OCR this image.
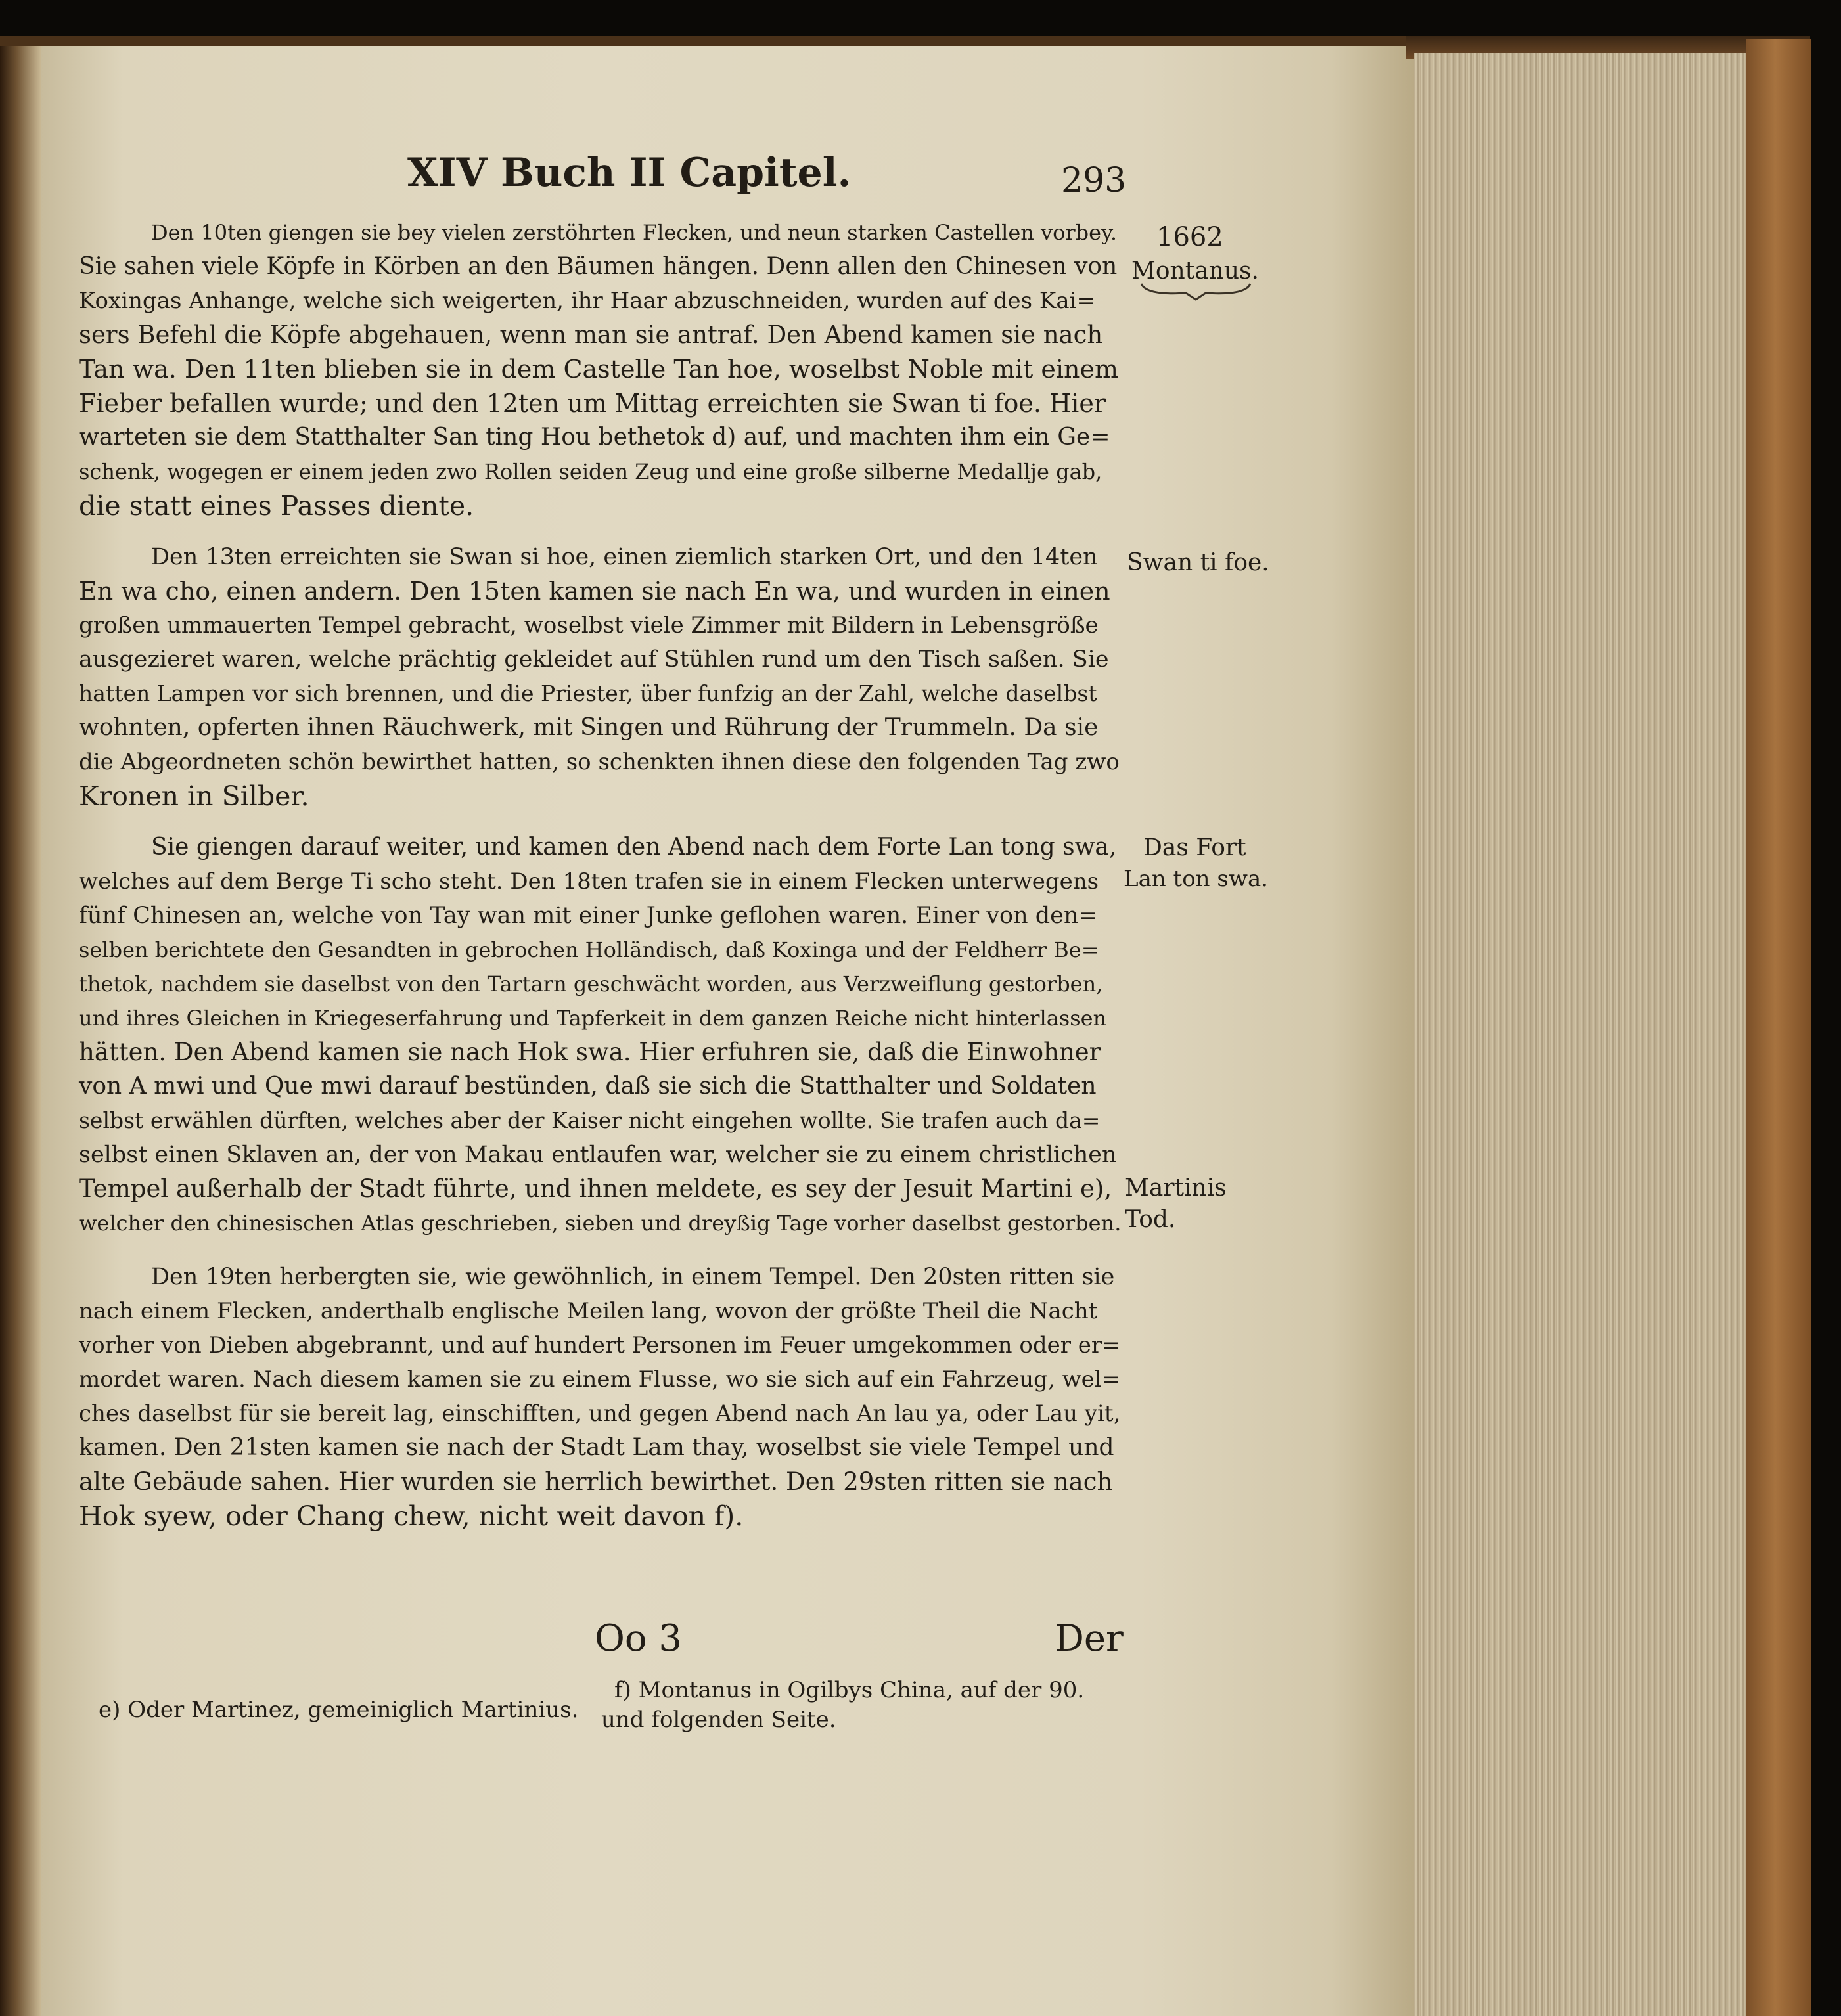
XIV Buch II Capitel.	293
Den 10ten giengen sie bey vielen zerstöhrten Flecken, und neun starken Castellen vorbey.
Sie sahen viele Köpfe in Körben an den Bäumen hängen. Denn allen den Chinesen von
Koxingas Anhange, welche sich weigerten, ihr Haar abzuschneiden, wurden auf des Kai=
sers Befehl die Köpfe abgehauen, wenn man sie antraf. Den Abend kamen sie nach
Tan wa. Den 11ten blieben sie in dem Castelle Tan hoe, woselbst Noble mit einem
Fieber befallen wurde; und den 12ten um Mittag erreichten sie Swan ti foe. Hier
warteten sie dem Statthalter San ting Hou bethetok d) auf, und machten ihm ein Ge=
schenk, wogegen er einem jeden zwo Rollen seiden Zeug und eine große silberne Medallje gab,
die statt eines Passes diente.
Den 13ten erreichten sie Swan si hoe, einen ziemlich starken Ort, und den 14ten
En wa cho, einen andern. Den 15ten kamen sie nach En wa, und wurden in einen
großen ummauerten Tempel gebracht, woselbst viele Zimmer mit Bildern in Lebensgröße
ausgezieret waren, welche prächtig gekleidet auf Stühlen rund um den Tisch saßen. Sie
hatten Lampen vor sich brennen, und die Priester, über funfzig an der Zahl, welche daselbst
wohnten, opferten ihnen Räuchwerk, mit Singen und Rührung der Trummeln. Da sie
die Abgeordneten schön bewirthet hatten, so schenkten ihnen diese den folgenden Tag zwo
Kronen in Silber.
Sie giengen darauf weiter, und kamen den Abend nach dem Forte Lan tong swa,
welches auf dem Berge Ti scho steht. Den 18ten trafen sie in einem Flecken unterwegens
fünf Chinesen an, welche von Tay wan mit einer Junke geflohen waren. Einer von den=
selben berichtete den Gesandten in gebrochen Holländisch, daß Koxinga und der Feldherr Be=
thetok, nachdem sie daselbst von den Tartarn geschwächt worden, aus Verzweiflung gestorben,
und ihres Gleichen in Kriegeserfahrung und Tapferkeit in dem ganzen Reiche nicht hinterlassen
hätten. Den Abend kamen sie nach Hok swa. Hier erfuhren sie, daß die Einwohner
von A mwi und Que mwi darauf bestünden, daß sie sich die Statthalter und Soldaten
selbst erwählen dürften, welches aber der Kaiser nicht eingehen wollte. Sie trafen auch da=
selbst einen Sklaven an, der von Makau entlaufen war, welcher sie zu einem christlichen
Tempel außerhalb der Stadt führte, und ihnen meldete, es sey der Jesuit Martini e),
welcher den chinesischen Atlas geschrieben, sieben und dreyßig Tage vorher daselbst gestorben.
Den 19ten herbergten sie, wie gewöhnlich, in einem Tempel. Den 20sten ritten sie
nach einem Flecken, anderthalb englische Meilen lang, wovon der größte Theil die Nacht
vorher von Dieben abgebrannt, und auf hundert Personen im Feuer umgekommen oder er=
mordet waren. Nach diesem kamen sie zu einem Flusse, wo sie sich auf ein Fahrzeug, wel=
ches daselbst für sie bereit lag, einschifften, und gegen Abend nach An lau ya, oder Lau yit,
kamen. Den 21sten kamen sie nach der Stadt Lam thay, woselbst sie viele Tempel und
alte Gebäude sahen. Hier wurden sie herrlich bewirthet. Den 29sten ritten sie nach
Hok syew, oder Chang chew, nicht weit davon f).
1662
Montanus.
Swan ti foe.
Das Fort
Lan ton swa.
Martinis
Tod.
Oo 3	Der
e) Oder Martinez, gemeiniglich Martinius.
f) Montanus in Ogilbys China, auf der 90.
und folgenden Seite.
